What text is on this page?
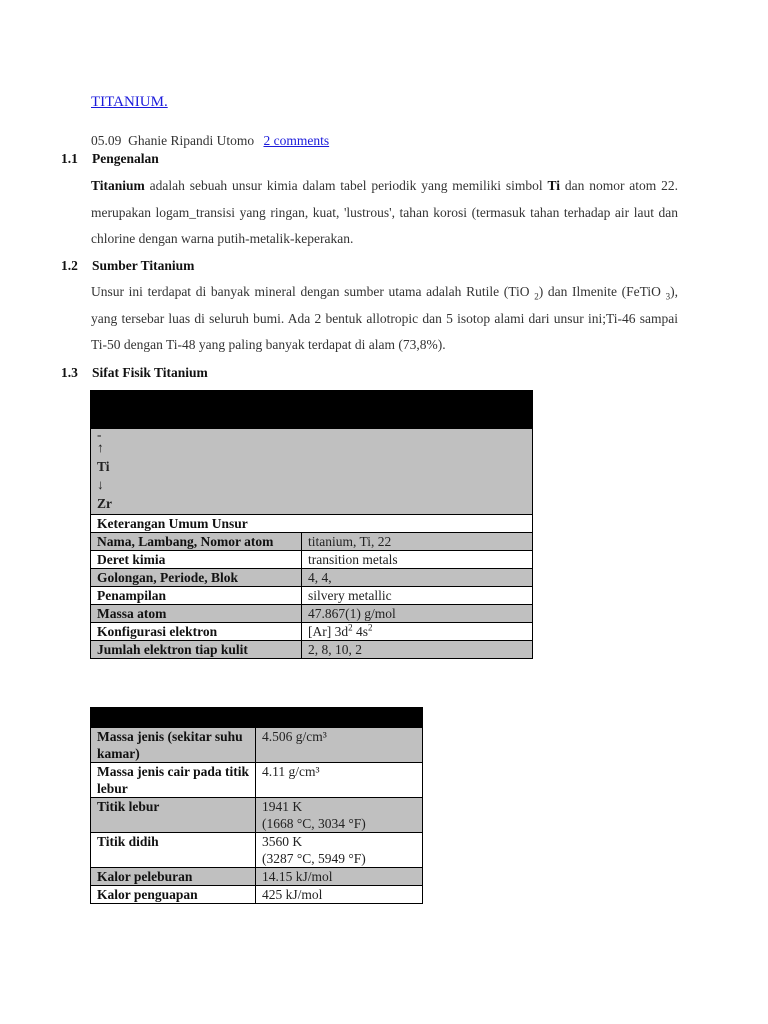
TITANIUM.
05.09 Ghanie Ripandi Utomo 2 comments
1.1 Pengenalan
Titanium adalah sebuah unsur kimia dalam tabel periodik yang memiliki simbol Ti dan nomor atom 22. merupakan logam_transisi yang ringan, kuat, 'lustrous', tahan korosi (termasuk tahan terhadap air laut dan chlorine dengan warna putih-metalik-keperakan.
1.2 Sumber Titanium
Unsur ini terdapat di banyak mineral dengan sumber utama adalah Rutile (TiO $_2$) dan Ilmenite (FeTiO $_3$), yang tersebar luas di seluruh bumi. Ada 2 bentuk allotropic dan 5 isotop alami dari unsur ini;Ti-46 sampai Ti-50 dengan Ti-48 yang paling banyak terdapat di alam (73,8%).
1.3 Sifat Fisik Titanium

-
↑
Ti
↓
Zr	

Keterangan Umum Unsur	
Nama, Lambang, Nomor atom	titanium, Ti, 22
Deret kimia	transition metals
Golongan, Periode, Blok	4, 4,
Penampilan	silvery metallic
Massa atom	47.867(1) g/mol
Konfigurasi elektron	[Ar] $3d^2$ $4s^2$
Jumlah elektron tiap kulit	2, 8, 10, 2

Massa jenis (sekitar suhu kamar)	4.506 g/cm³
Massa jenis cair pada titik lebur	4.11 g/cm³
Titik lebur	1941 K
(1668 °C, 3034 °F)

Titik didih	3560 K
(3287 °C, 5949 °F)

Kalor peleburan	14.15 kJ/mol
Kalor penguapan	425 kJ/mol
